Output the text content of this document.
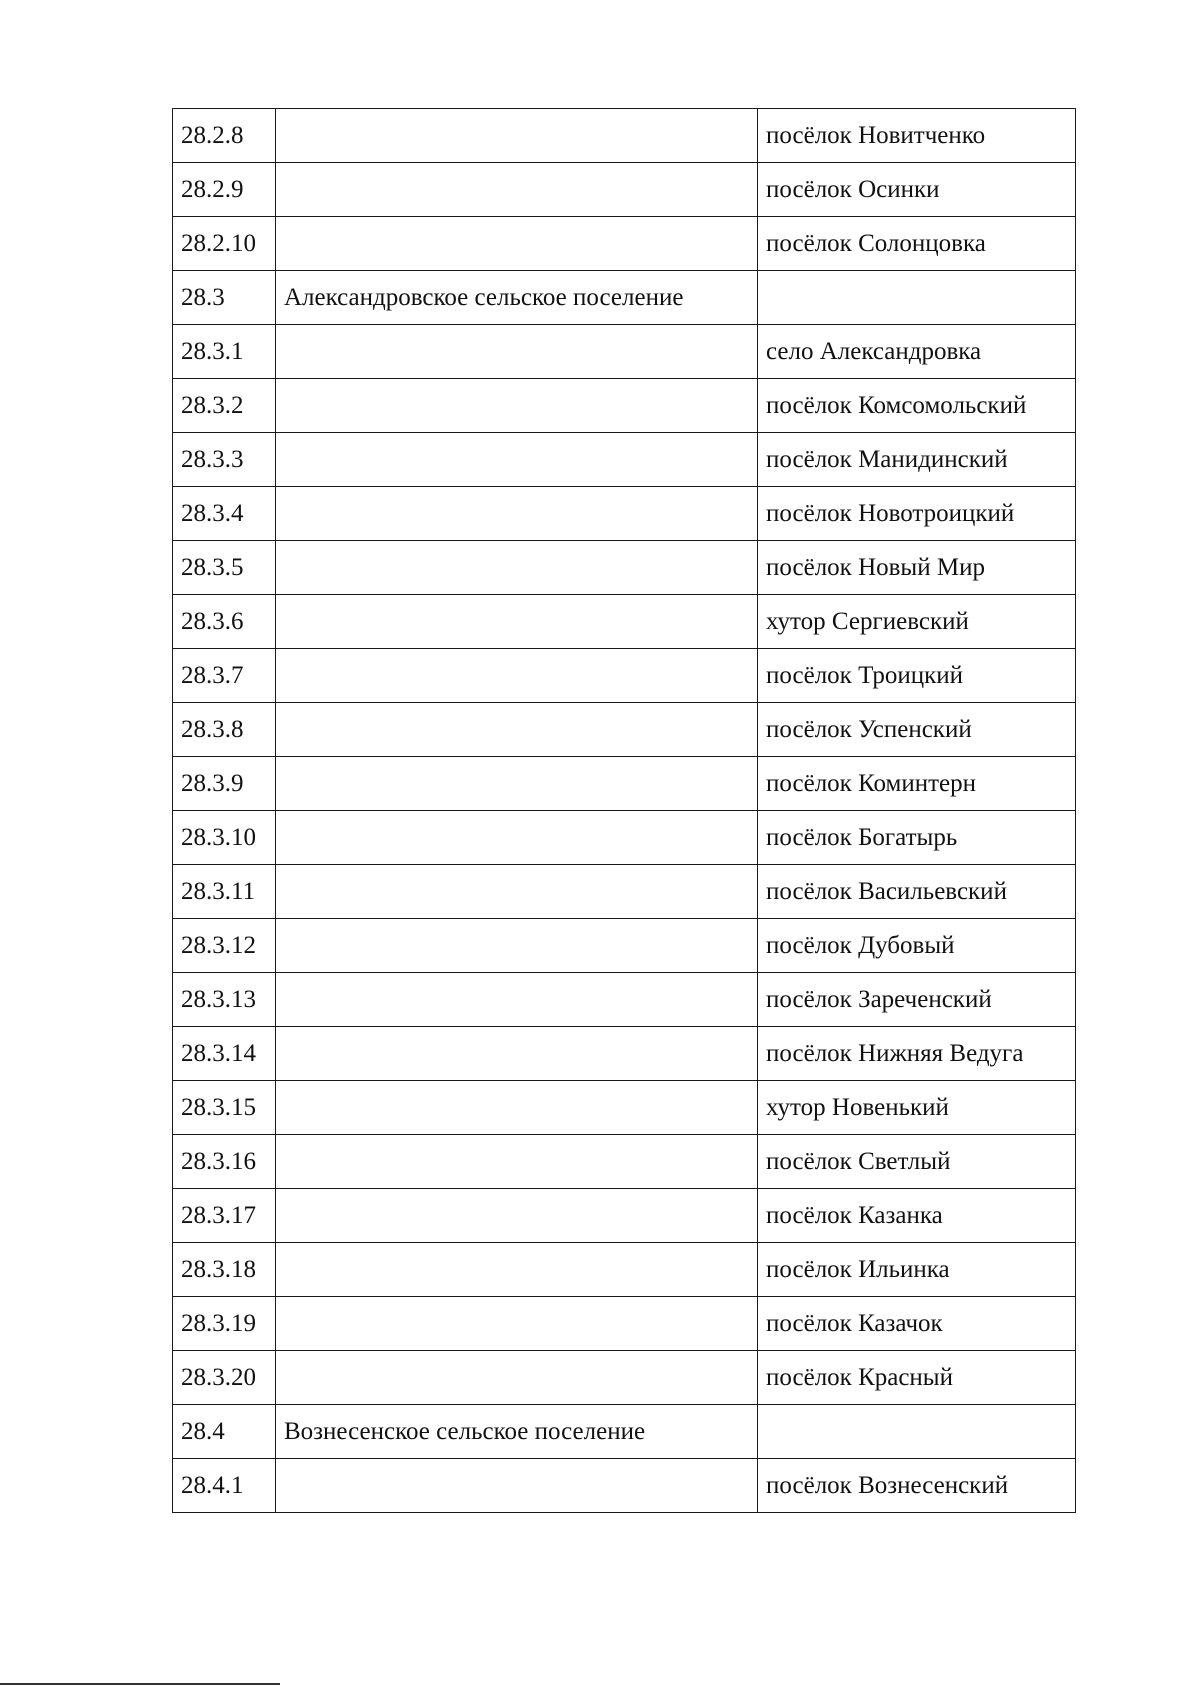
28.2.8		посёлок Новитченко
28.2.9		посёлок Осинки
28.2.10		посёлок Солонцовка
28.3	Александровское сельское поселение	
28.3.1		село Александровка
28.3.2		посёлок Комсомольский
28.3.3		посёлок Манидинский
28.3.4		посёлок Новотроицкий
28.3.5		посёлок Новый Мир
28.3.6		хутор Сергиевский
28.3.7		посёлок Троицкий
28.3.8		посёлок Успенский
28.3.9		посёлок Коминтерн
28.3.10		посёлок Богатырь
28.3.11		посёлок Васильевский
28.3.12		посёлок Дубовый
28.3.13		посёлок Зареченский
28.3.14		посёлок Нижняя Ведуга
28.3.15		хутор Новенький
28.3.16		посёлок Светлый
28.3.17		посёлок Казанка
28.3.18		посёлок Ильинка
28.3.19		посёлок Казачок
28.3.20		посёлок Красный
28.4	Вознесенское сельское поселение	
28.4.1		посёлок Вознесенский
